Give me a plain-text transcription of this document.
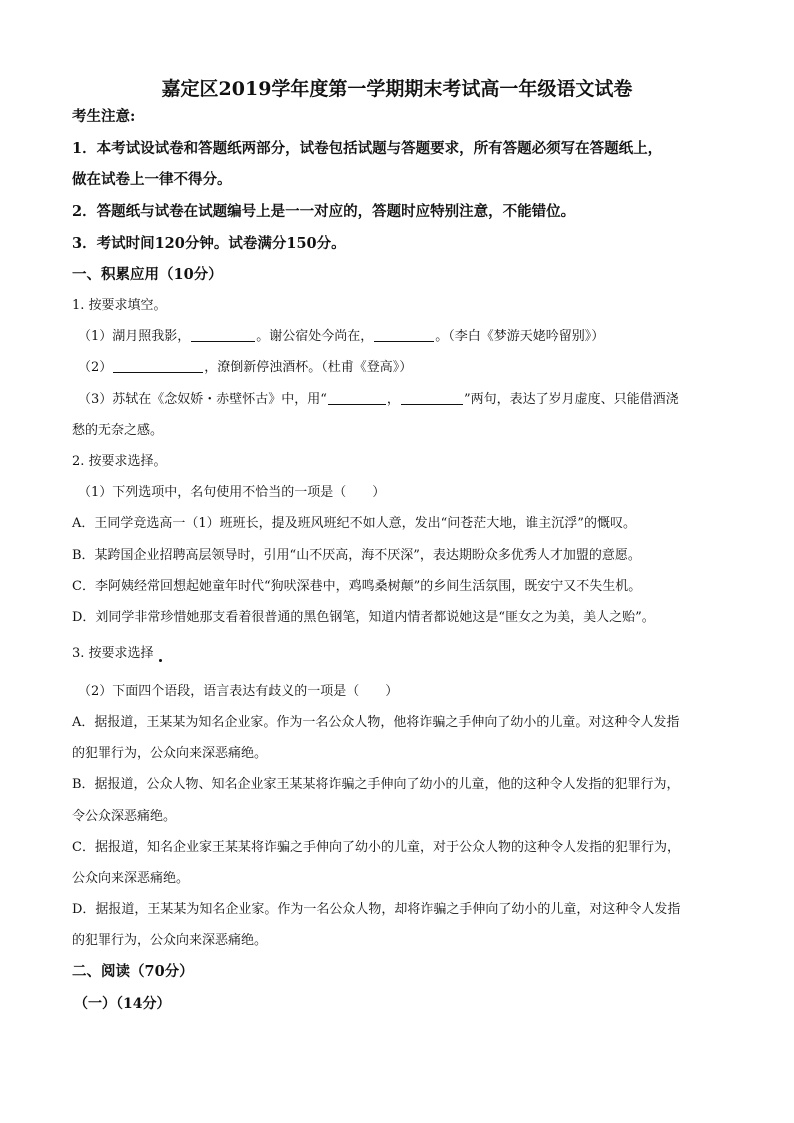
嘉定区2019学年度第一学期期末考试高一年级语文试卷
考生注意:
1．本考试设试卷和答题纸两部分，试卷包括试题与答题要求，所有答题必须写在答题纸上，
做在试卷上一律不得分。
2．答题纸与试卷在试题编号上是一一对应的，答题时应特别注意，不能错位。
3．考试时间120分钟。试卷满分150分。
一、积累应用（10分）
1. 按要求填空。
（1）湖月照我影，	。谢公宿处今尚在，	。（李白《梦游天姥吟留别》）
（2）	，潦倒新停浊酒杯。（杜甫《登高》）
（3）苏轼在《念奴娇・赤壁怀古》中，用“	，	”两句，表达了岁月虚度、只能借酒浇
愁的无奈之感。
2. 按要求选择。
（1）下列选项中，名句使用不恰当的一项是（　　）
A．王同学竞选高一（1）班班长，提及班风班纪不如人意，发出“问苍茫大地，谁主沉浮”的慨叹。
B．某跨国企业招聘高层领导时，引用“山不厌高，海不厌深”，表达期盼众多优秀人才加盟的意愿。
C．李阿姨经常回想起她童年时代“狗吠深巷中，鸡鸣桑树颠”的乡间生活氛围，既安宁又不失生机。
D．刘同学非常珍惜她那支看着很普通的黑色钢笔，知道内情者都说她这是“匪女之为美，美人之贻”。
3. 按要求选择
（2）下面四个语段，语言表达有歧义的一项是（　　）
A．据报道，王某某为知名企业家。作为一名公众人物，他将诈骗之手伸向了幼小的儿童。对这种令人发指
的犯罪行为，公众向来深恶痛绝。
B．据报道，公众人物、知名企业家王某某将诈骗之手伸向了幼小的儿童，他的这种令人发指的犯罪行为，
令公众深恶痛绝。
C．据报道，知名企业家王某某将诈骗之手伸向了幼小的儿童，对于公众人物的这种令人发指的犯罪行为，
公众向来深恶痛绝。
D．据报道，王某某为知名企业家。作为一名公众人物，却将诈骗之手伸向了幼小的儿童，对这种令人发指
的犯罪行为，公众向来深恶痛绝。
二、阅读（70分）
（一）（14分）
